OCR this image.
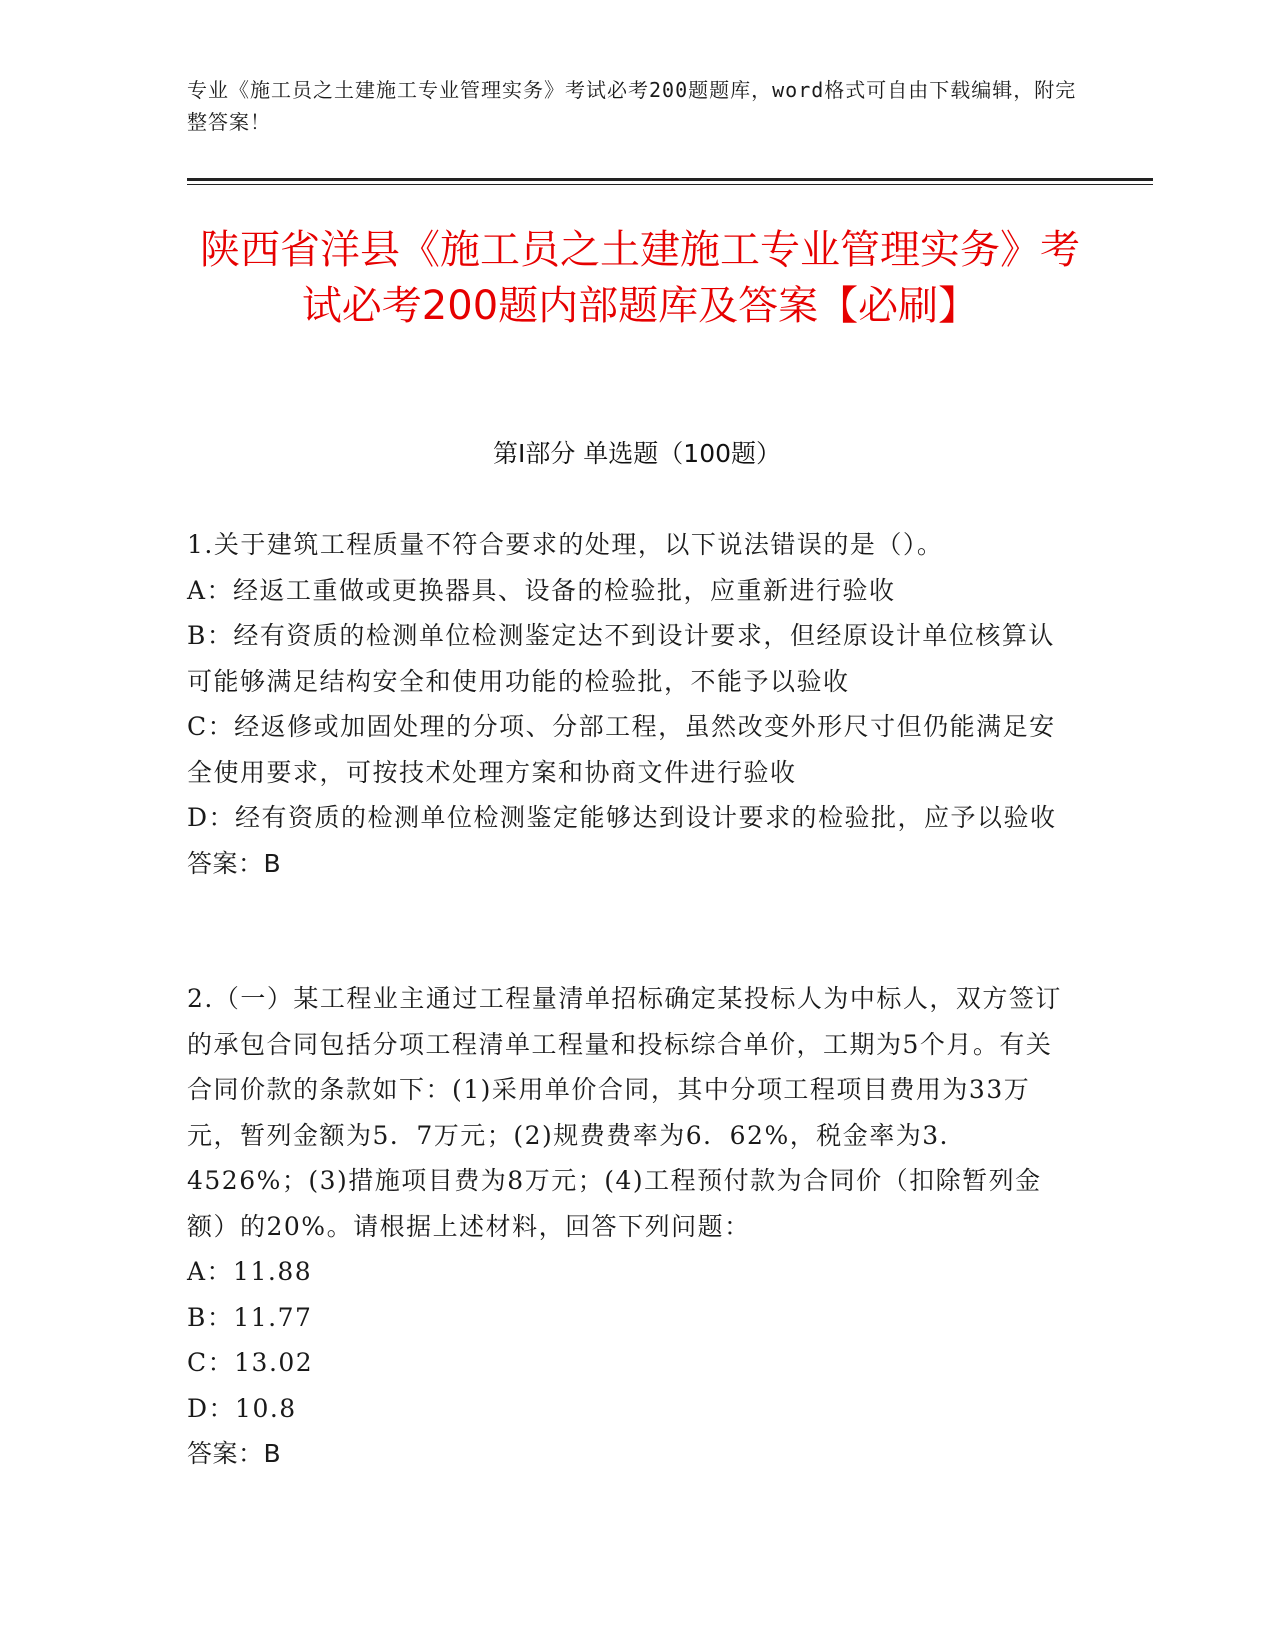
专业《施工员之土建施工专业管理实务》考试必考200题题库，word格式可自由下载编辑，附完整答案！
陕西省洋县《施工员之土建施工专业管理实务》考试必考200题内部题库及答案【必刷】
第I部分 单选题（100题）
1.关于建筑工程质量不符合要求的处理，以下说法错误的是（）。
A：经返工重做或更换器具、设备的检验批，应重新进行验收
B：经有资质的检测单位检测鉴定达不到设计要求，但经原设计单位核算认可能够满足结构安全和使用功能的检验批，不能予以验收
C：经返修或加固处理的分项、分部工程，虽然改变外形尺寸但仍能满足安全使用要求，可按技术处理方案和协商文件进行验收
D：经有资质的检测单位检测鉴定能够达到设计要求的检验批，应予以验收
答案：B
2.（一）某工程业主通过工程量清单招标确定某投标人为中标人，双方签订的承包合同包括分项工程清单工程量和投标综合单价，工期为5个月。有关合同价款的条款如下：(1)采用单价合同，其中分项工程项目费用为33万元，暂列金额为5．7万元；(2)规费费率为6．62%，税金率为3．4526%；(3)措施项目费为8万元；(4)工程预付款为合同价（扣除暂列金额）的20%。请根据上述材料，回答下列问题：
A：11.88
B：11.77
C：13.02
D：10.8
答案：B
